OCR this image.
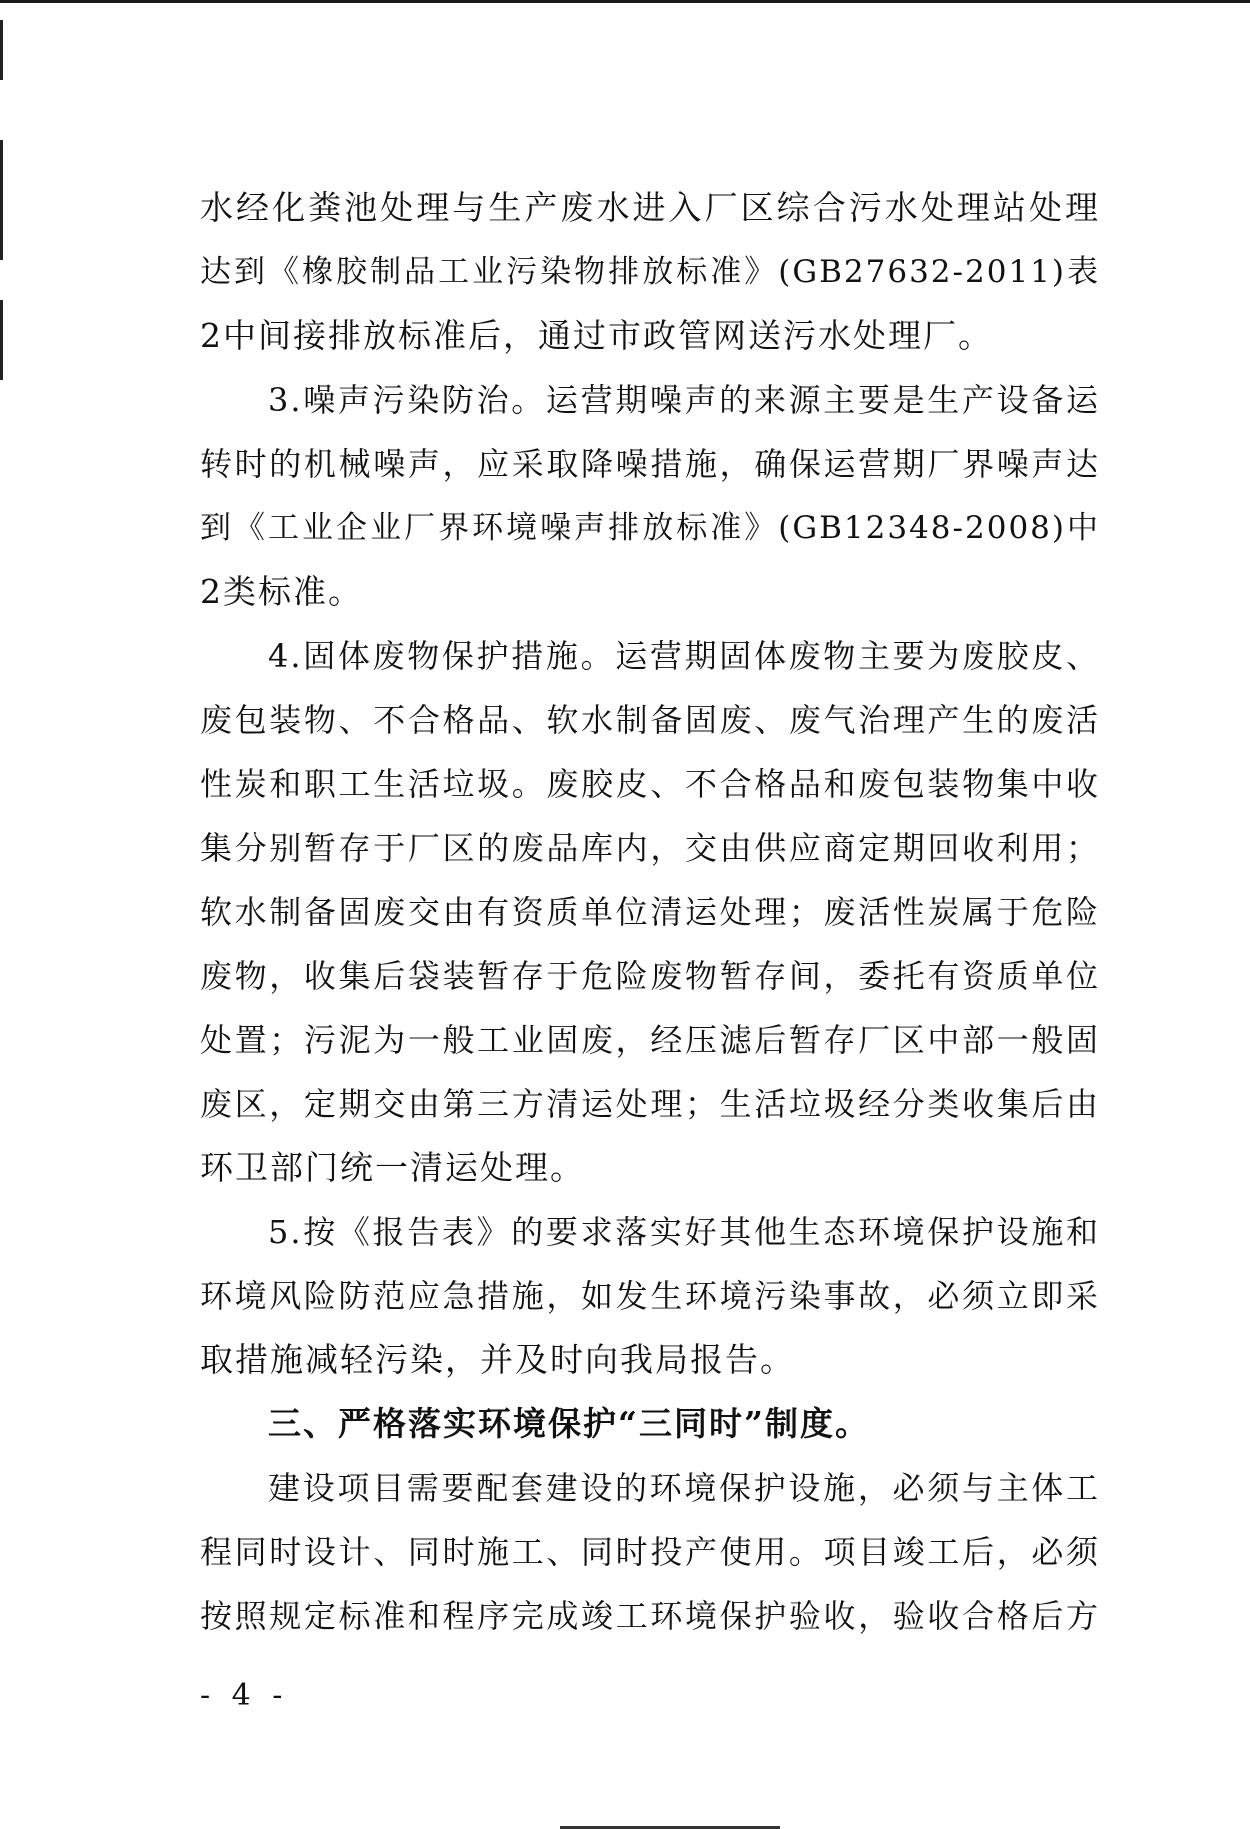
水经化粪池处理与生产废水进入厂区综合污水处理站处理
达到《橡胶制品工业污染物排放标准》(GB27632-2011)表
2中间接排放标准后，通过市政管网送污水处理厂。
3.噪声污染防治。运营期噪声的来源主要是生产设备运
转时的机械噪声，应采取降噪措施，确保运营期厂界噪声达
到《工业企业厂界环境噪声排放标准》(GB12348-2008)中
2类标准。
4.固体废物保护措施。运营期固体废物主要为废胶皮、
废包装物、不合格品、软水制备固废、废气治理产生的废活
性炭和职工生活垃圾。废胶皮、不合格品和废包装物集中收
集分别暂存于厂区的废品库内，交由供应商定期回收利用；
软水制备固废交由有资质单位清运处理；废活性炭属于危险
废物，收集后袋装暂存于危险废物暂存间，委托有资质单位
处置；污泥为一般工业固废，经压滤后暂存厂区中部一般固
废区，定期交由第三方清运处理；生活垃圾经分类收集后由
环卫部门统一清运处理。
5.按《报告表》的要求落实好其他生态环境保护设施和
环境风险防范应急措施，如发生环境污染事故，必须立即采
取措施减轻污染，并及时向我局报告。
三、严格落实环境保护“三同时”制度。
建设项目需要配套建设的环境保护设施，必须与主体工
程同时设计、同时施工、同时投产使用。项目竣工后，必须
按照规定标准和程序完成竣工环境保护验收，验收合格后方
- 4 -
